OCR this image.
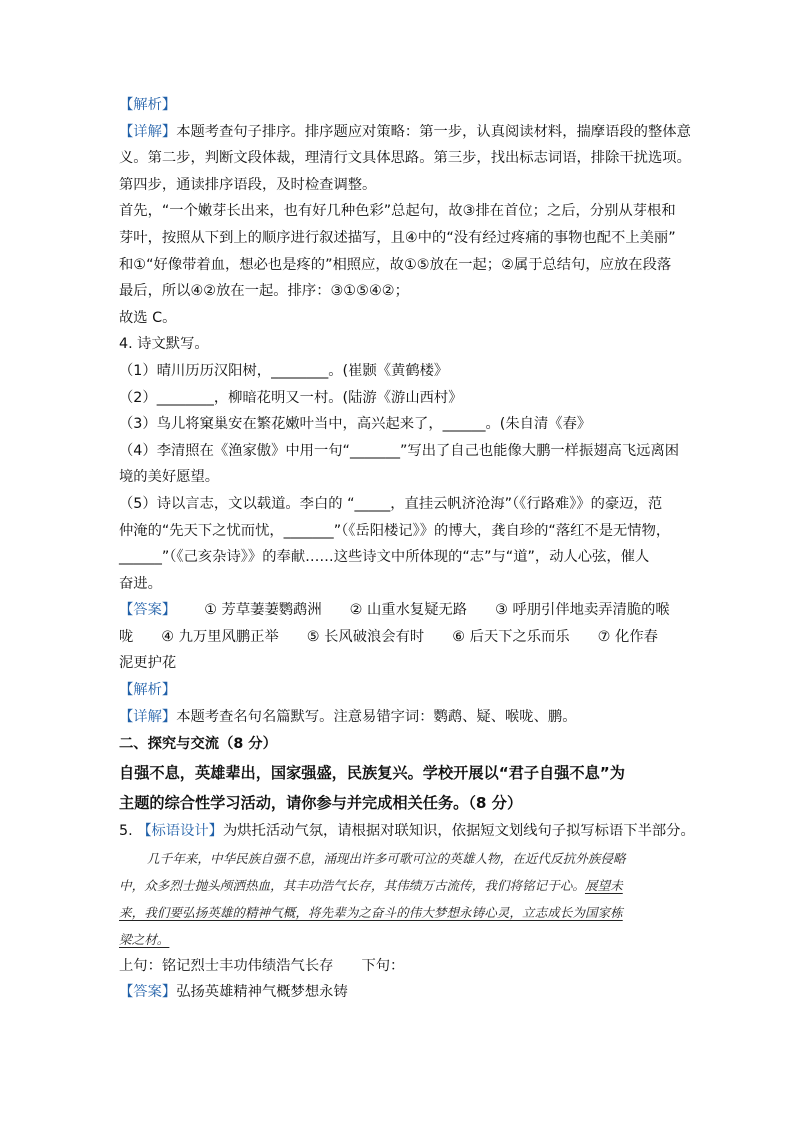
【解析】
【详解】本题考查句子排序。排序题应对策略：第一步，认真阅读材料，揣摩语段的整体意
义。第二步，判断文段体裁，理清行文具体思路。第三步，找出标志词语，排除干扰选项。
第四步，通读排序语段，及时检查调整。
首先，“一个嫩芽长出来，也有好几种色彩”总起句，故③排在首位；之后，分别从芽根和
芽叶，按照从下到上的顺序进行叙述描写，且④中的“没有经过疼痛的事物也配不上美丽”
和①“好像带着血，想必也是疼的”相照应，故①⑤放在一起；②属于总结句，应放在段落
最后，所以④②放在一起。排序：③①⑤④②；
故选 C。
4. 诗文默写。
（1）晴川历历汉阳树，________。(崔颢《黄鹤楼》
（2）________，柳暗花明又一村。(陆游《游山西村》
（3）鸟儿将窠巢安在繁花嫩叶当中，高兴起来了，______。(朱自清《春》
（4）李清照在《渔家傲》中用一句“_______”写出了自己也能像大鹏一样振翅高飞远离困
境的美好愿望。
（5）诗以言志，文以载道。李白的 “_____，直挂云帆济沧海”（《行路难》》的豪迈，范
仲淹的“先天下之忧而忧，_______”（《岳阳楼记》》的博大，龚自珍的“落红不是无情物，
______”（《己亥杂诗》》的奉献……这些诗文中所体现的“志”与“道”，动人心弦，催人
奋进。
【答案】 ① 芳草萋萋鹦鹉洲 ② 山重水复疑无路 ③ 呼朋引伴地卖弄清脆的喉
咙 ④ 九万里风鹏正举 ⑤ 长风破浪会有时 ⑥ 后天下之乐而乐 ⑦ 化作春
泥更护花
【解析】
【详解】本题考查名句名篇默写。注意易错字词：鹦鹉、疑、喉咙、鹏。
二、探究与交流（8 分）
自强不息，英雄辈出，国家强盛，民族复兴。学校开展以“君子自强不息”为
主题的综合性学习活动，请你参与并完成相关任务。（8 分）
5. 【标语设计】为烘托活动气氛，请根据对联知识，依据短文划线句子拟写标语下半部分。
几千年来，中华民族自强不息，涌现出许多可歌可泣的英雄人物，在近代反抗外族侵略
中，众多烈士抛头颅洒热血，其丰功浩气长存，其伟绩万古流传，我们将铭记于心。展望未
来，我们要弘扬英雄的精神气概，将先辈为之奋斗的伟大梦想永铸心灵，立志成长为国家栋
梁之材。
上句：铭记烈士丰功伟绩浩气长存 下句：
【答案】弘扬英雄精神气概梦想永铸
